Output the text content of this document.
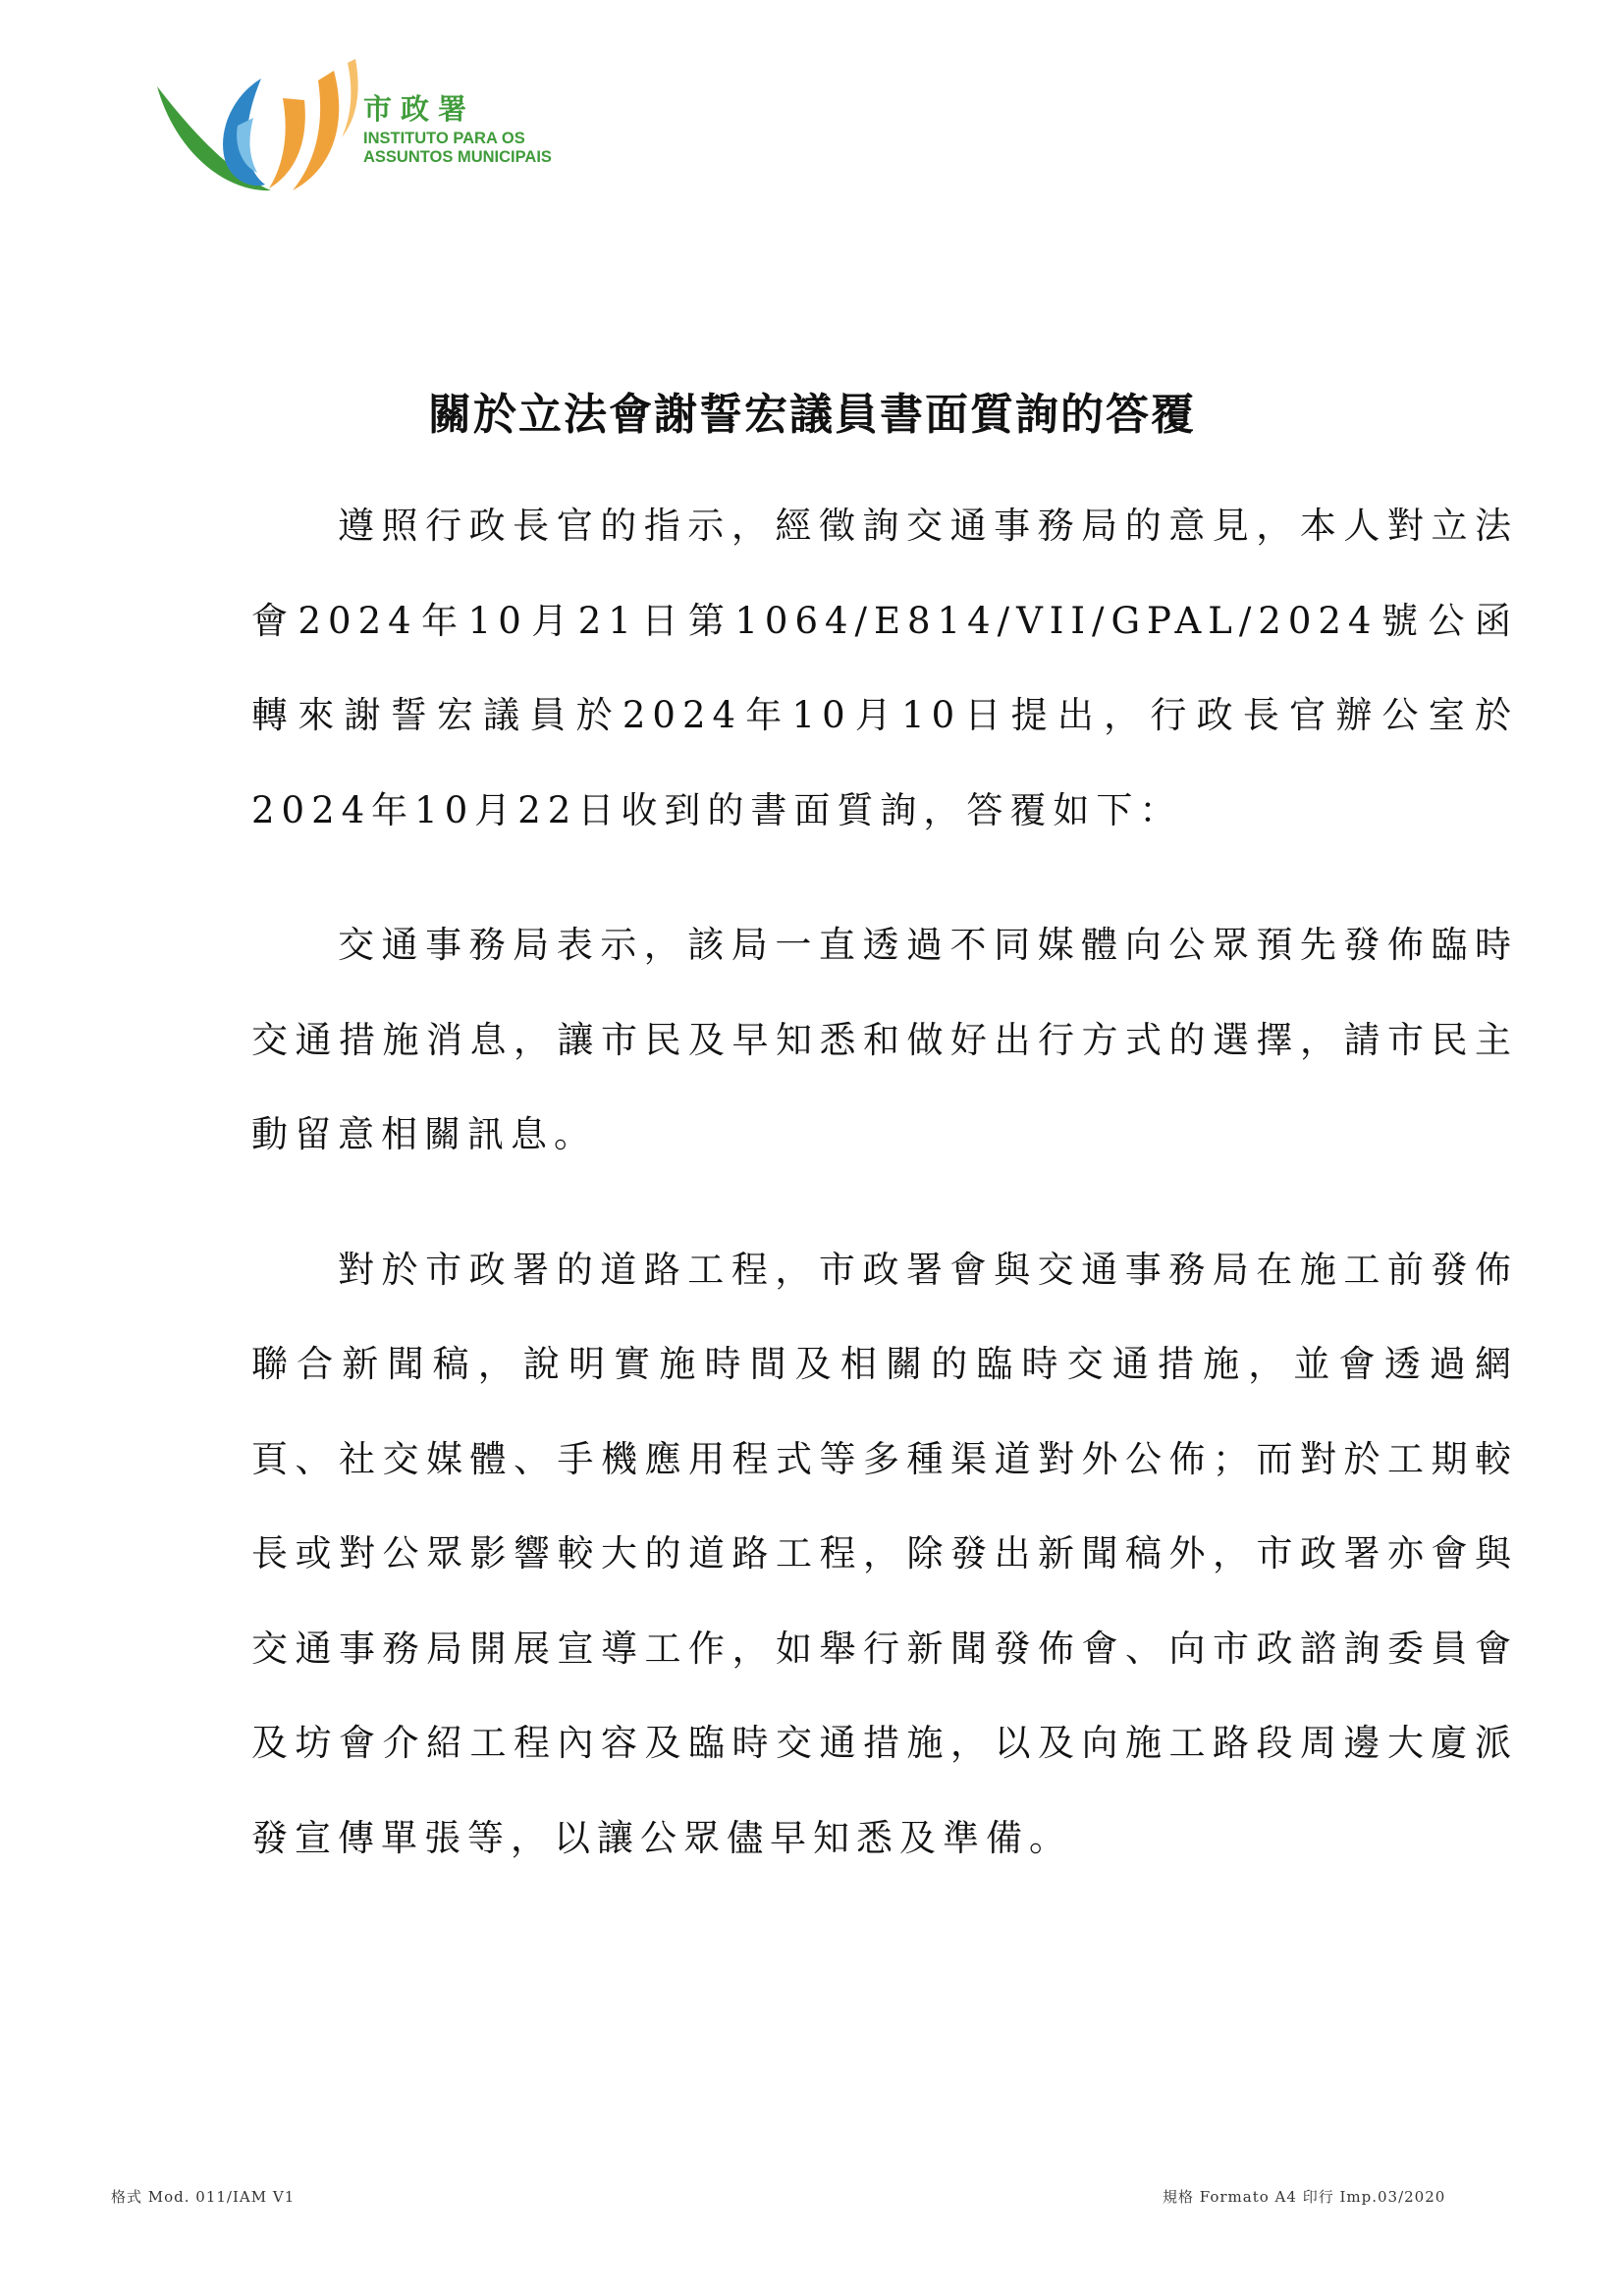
市政署
INSTITUTO PARA OS
ASSUNTOS MUNICIPAIS
關於立法會謝誓宏議員書面質詢的答覆

遵照行政長官的指示，經徵詢交通事務局的意見，本人對立法會2024年10月21日第1064/E814/VII/GPAL/2024號公函轉來謝誓宏議員於2024年10月10日提出，行政長官辦公室於2024年10月22日收到的書面質詢，答覆如下：

交通事務局表示，該局一直透過不同媒體向公眾預先發佈臨時交通措施消息，讓市民及早知悉和做好出行方式的選擇，請市民主動留意相關訊息。

對於市政署的道路工程，市政署會與交通事務局在施工前發佈聯合新聞稿，說明實施時間及相關的臨時交通措施，並會透過網頁、社交媒體、手機應用程式等多種渠道對外公佈；而對於工期較長或對公眾影響較大的道路工程，除發出新聞稿外，市政署亦會與交通事務局開展宣導工作，如舉行新聞發佈會、向市政諮詢委員會及坊會介紹工程內容及臨時交通措施，以及向施工路段周邊大廈派發宣傳單張等，以讓公眾儘早知悉及準備。

格式 Mod. 011/IAM V1	規格 Formato A4 印行 Imp.03/2020
